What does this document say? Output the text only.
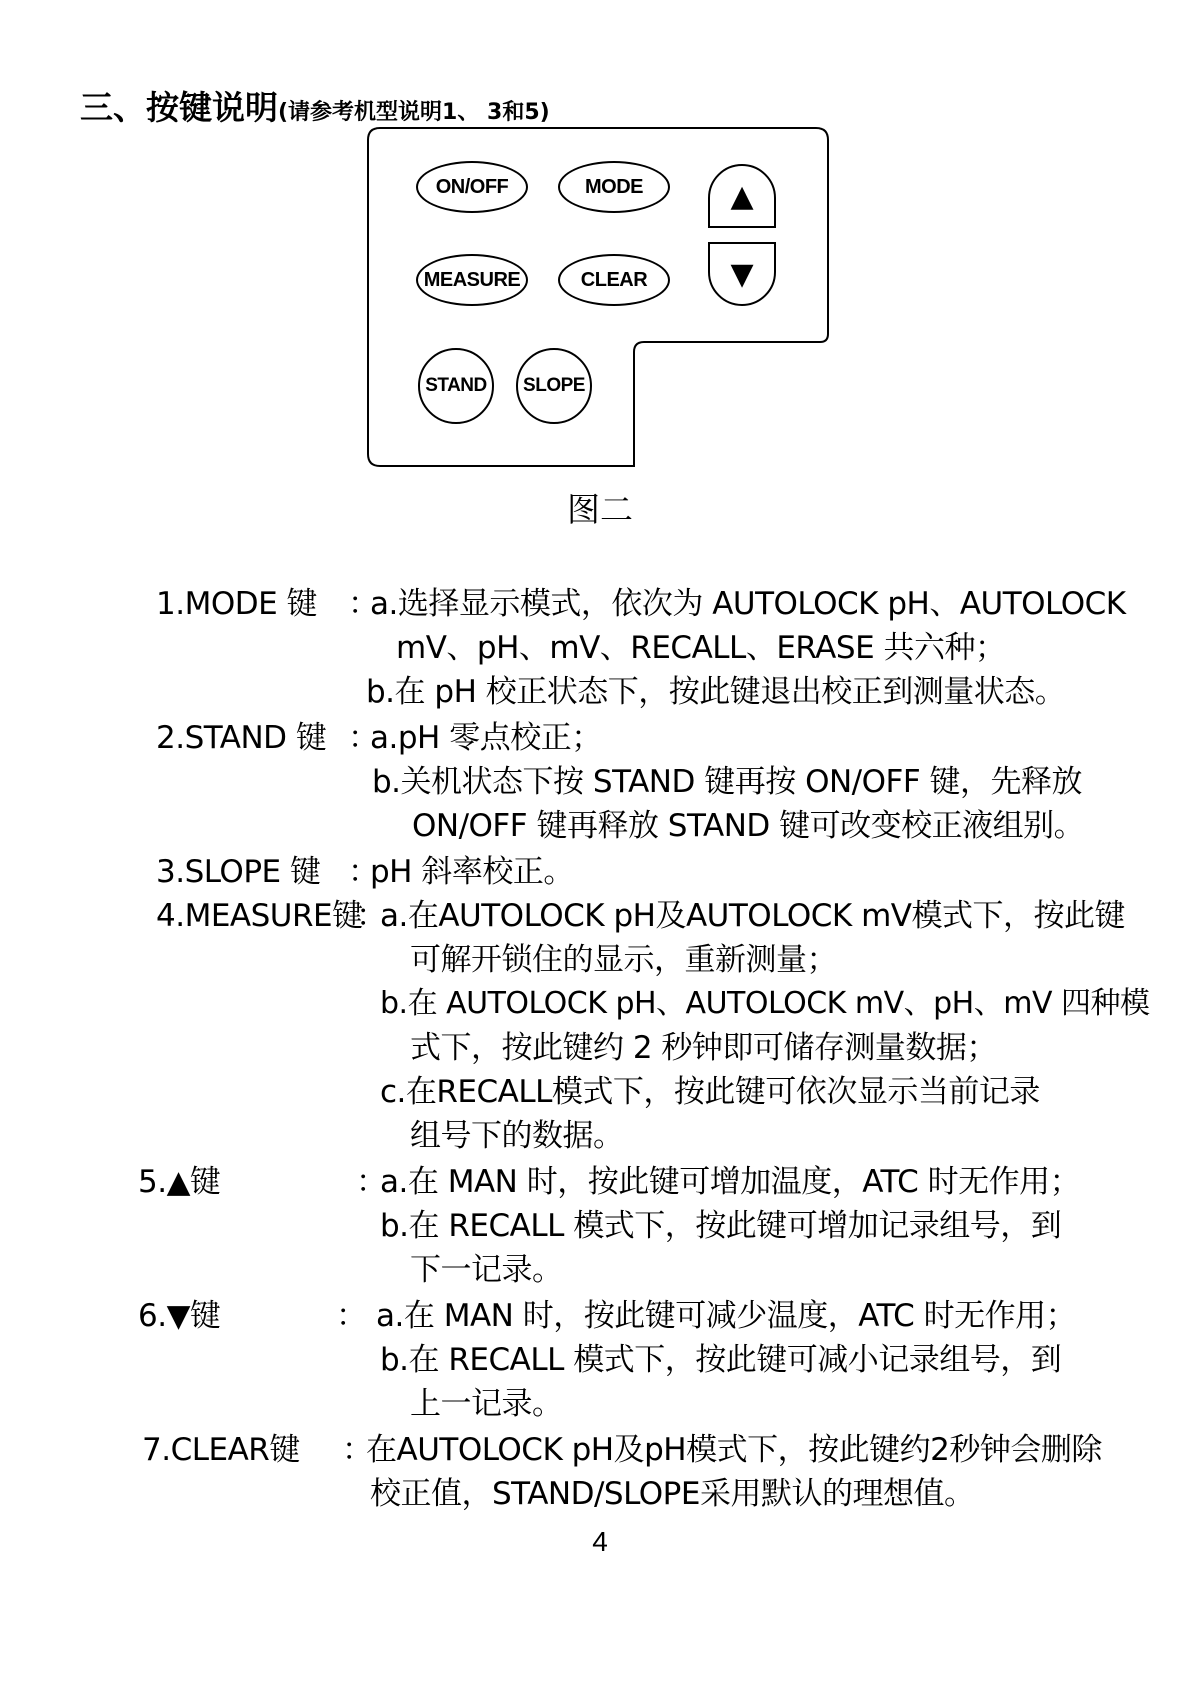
三、按键说明(请参考机型说明1、 3和5)
ON/OFF	MODE
MEASURE	CLEAR
STAND	SLOPE
▲
▼
图二
1.MODE 键 ：
a.选择显示模式，依次为 AUTOLOCK pH、AUTOLOCK
mV、pH、mV、RECALL、ERASE 共六种；
b.在 pH 校正状态下，按此键退出校正到测量状态。
2.STAND 键 ：
a.pH 零点校正；
b.关机状态下按 STAND 键再按 ON/OFF 键，先释放
ON/OFF 键再释放 STAND 键可改变校正液组别。
3.SLOPE 键 ：
pH 斜率校正。
4.MEASURE键
：
a.在AUTOLOCK pH及AUTOLOCK mV模式下，按此键
可解开锁住的显示，重新测量；
b.在 AUTOLOCK pH、AUTOLOCK mV、pH、mV 四种模
式下，按此键约 2 秒钟即可储存测量数据；
c.在RECALL模式下，按此键可依次显示当前记录
组号下的数据。
5.▲键	：
a.在 MAN 时，按此键可增加温度，ATC 时无作用；
b.在 RECALL 模式下，按此键可增加记录组号，到
下一记录。
6.▼键	： a.在 MAN 时，按此键可减少温度，ATC 时无作用；
b.在 RECALL 模式下，按此键可减小记录组号，到
上一记录。
7.CLEAR键 ：
在AUTOLOCK pH及pH模式下，按此键约2秒钟会删除
校正值，STAND/SLOPE采用默认的理想值。
4
